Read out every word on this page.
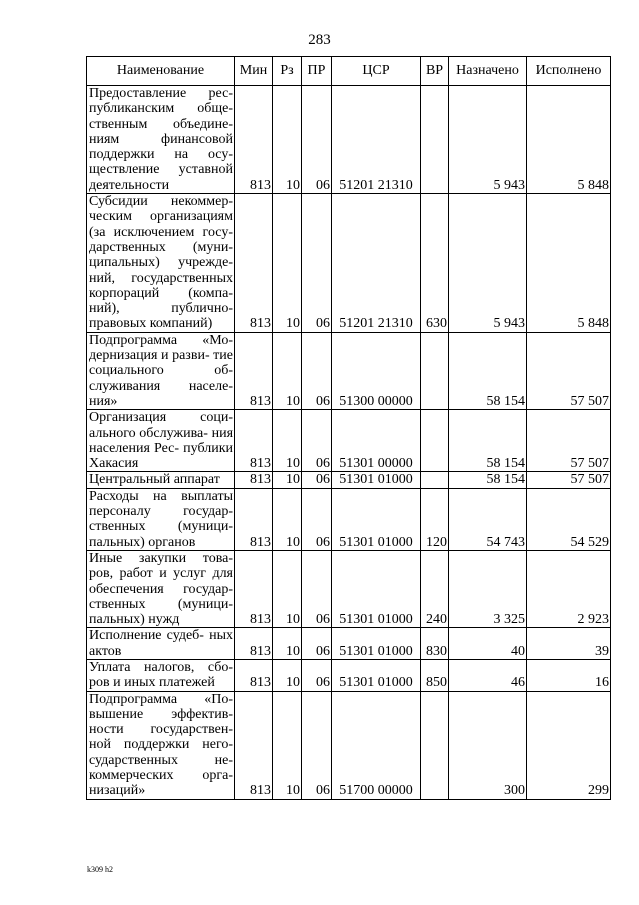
283
Наименование	Мин	Рз	ПР	ЦСР	ВР	Назначено	Исполнено
Предоставление рес- публиканским обще- ственным объедине- ниям финансовой поддержки на осу- ществление уставной деятельности	813	10	06	51201 21310		5 943	5 848
Субсидии некоммер- ческим организациям (за исключением госу- дарственных (муни- ципальных) учрежде- ний, государственных корпораций (компа- ний), публично- правовых компаний)	813	10	06	51201 21310	630	5 943	5 848
Подпрограмма «Мо- дернизация и разви- тие социального об- служивания населе- ния»	813	10	06	51300 00000		58 154	57 507
Организация соци- ального обслужива- ния населения Рес- публики Хакасия	813	10	06	51301 00000		58 154	57 507
Центральный аппарат	813	10	06	51301 01000		58 154	57 507
Расходы на выплаты персоналу государ- ственных (муници- пальных) органов	813	10	06	51301 01000	120	54 743	54 529
Иные закупки това- ров, работ и услуг для обеспечения государ- ственных (муници- пальных) нужд	813	10	06	51301 01000	240	3 325	2 923
Исполнение судеб- ных актов	813	10	06	51301 01000	830	40	39
Уплата налогов, сбо- ров и иных платежей	813	10	06	51301 01000	850	46	16
Подпрограмма «По- вышение эффектив- ности государствен- ной поддержки него- сударственных не- коммерческих орга- низаций»	813	10	06	51700 00000		300	299
k309 h2
